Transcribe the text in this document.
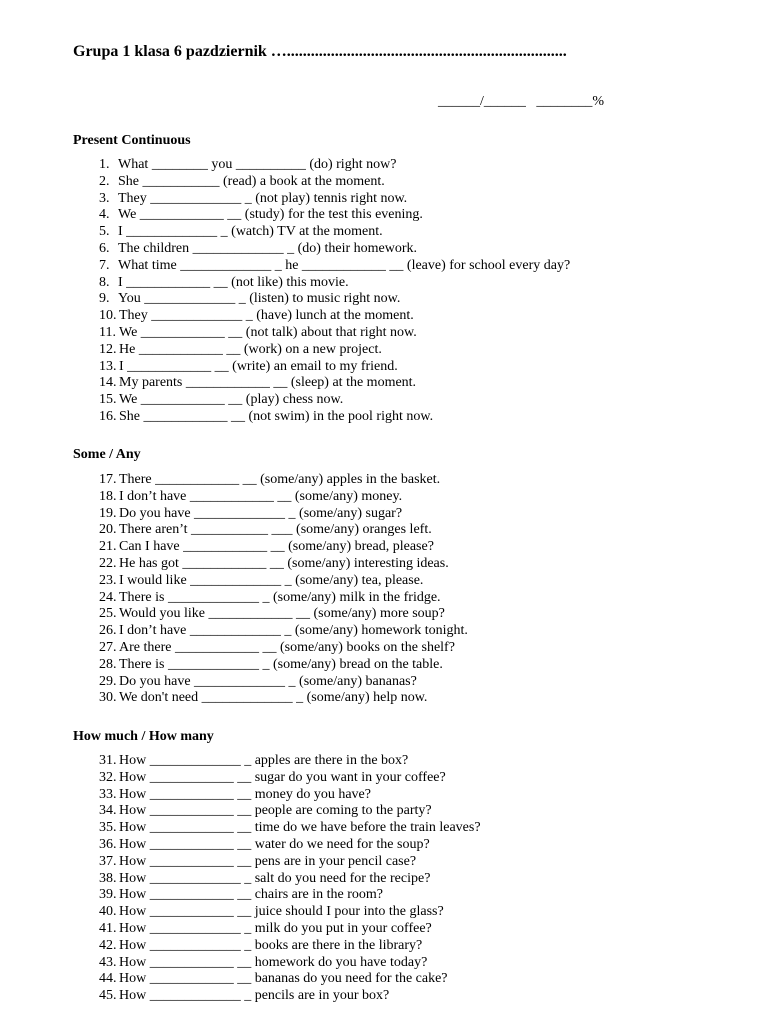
Grupa 1 klasa 6 pazdziernik …......................................................................
______/______   ________%
Present Continuous
1. What ________ you __________ (do) right now?
2. She ___________ (read) a book at the moment.
3. They _____________ _ (not play) tennis right now.
4. We ____________ __ (study) for the test this evening.
5. I _____________ _ (watch) TV at the moment.
6. The children _____________ _ (do) their homework.
7. What time _____________ _ he ____________ __ (leave) for school every day?
8. I ____________ __ (not like) this movie.
9. You _____________ _ (listen) to music right now.
10. They _____________ _ (have) lunch at the moment.
11. We ____________ __ (not talk) about that right now.
12. He ____________ __ (work) on a new project.
13. I ____________ __ (write) an email to my friend.
14. My parents ____________ __ (sleep) at the moment.
15. We ____________ __ (play) chess now.
16. She ____________ __ (not swim) in the pool right now.
Some / Any
17. There ____________ __ (some/any) apples in the basket.
18. I don’t have ____________ __ (some/any) money.
19. Do you have _____________ _ (some/any) sugar?
20. There aren’t ___________ ___ (some/any) oranges left.
21. Can I have ____________ __ (some/any) bread, please?
22. He has got ____________ __ (some/any) interesting ideas.
23. I would like _____________ _ (some/any) tea, please.
24. There is _____________ _ (some/any) milk in the fridge.
25. Would you like ____________ __ (some/any) more soup?
26. I don’t have _____________ _ (some/any) homework tonight.
27. Are there ____________ __ (some/any) books on the shelf?
28. There is _____________ _ (some/any) bread on the table.
29. Do you have _____________ _ (some/any) bananas?
30. We don't need _____________ _ (some/any) help now.
How much / How many
31. How _____________ _ apples are there in the box?
32. How ____________ __ sugar do you want in your coffee?
33. How ____________ __ money do you have?
34. How ____________ __ people are coming to the party?
35. How ____________ __ time do we have before the train leaves?
36. How ____________ __ water do we need for the soup?
37. How ____________ __ pens are in your pencil case?
38. How _____________ _ salt do you need for the recipe?
39. How ____________ __ chairs are in the room?
40. How ____________ __ juice should I pour into the glass?
41. How _____________ _ milk do you put in your coffee?
42. How _____________ _ books are there in the library?
43. How ____________ __ homework do you have today?
44. How ____________ __ bananas do you need for the cake?
45. How _____________ _ pencils are in your box?
